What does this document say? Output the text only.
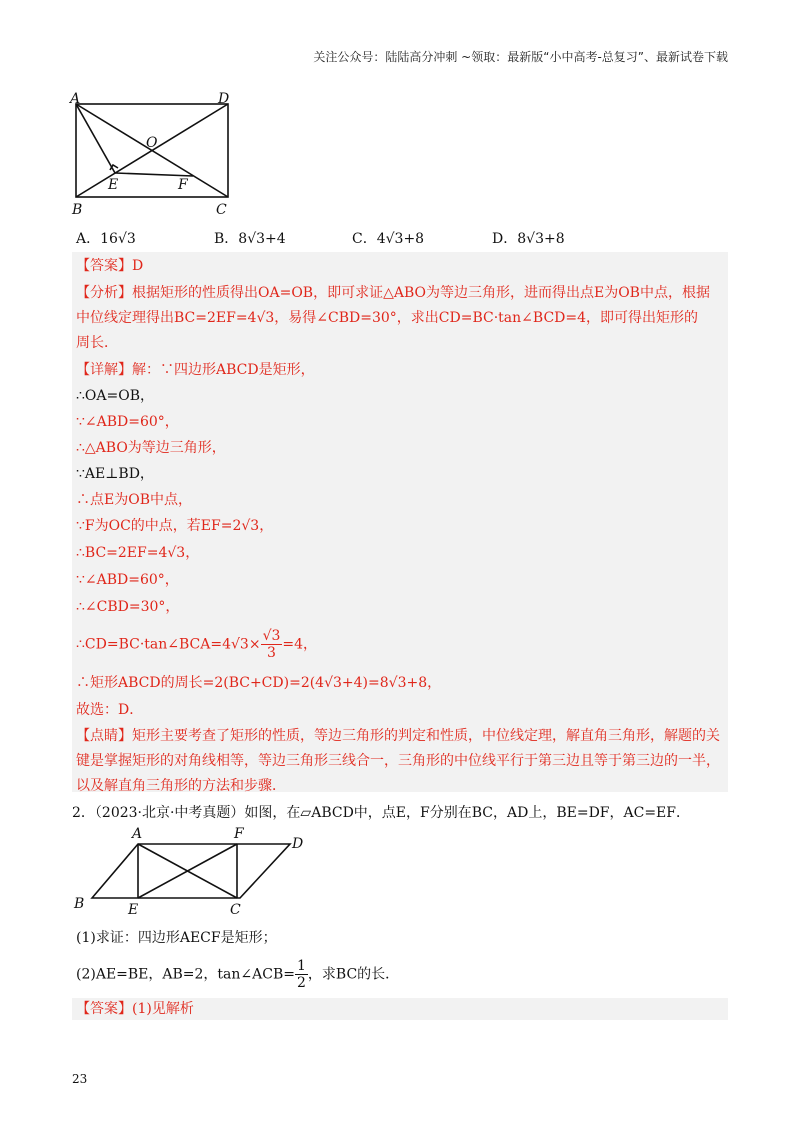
关注公众号：陆陆高分冲刺 ~领取：最新版“小中高考-总复习”、最新试卷下载
A	D
O
E	F
B	C
A．16√3	B．8√3+4	C．4√3+8	D．8√3+8
【答案】D
【分析】根据矩形的性质得出OA=OB，即可求证△ABO为等边三角形，进而得出点E为OB中点，根据
中位线定理得出BC=2EF=4√3，易得∠CBD=30°，求出CD=BC·tan∠BCD=4，即可得出矩形的
周长．
【详解】解：∵四边形ABCD是矩形，
∴OA=OB，
∵∠ABD=60°，
∴△ABO为等边三角形，
∵AE⊥BD，
∴点E为OB中点，
∵F为OC的中点，若EF=2√3，
∴BC=2EF=4√3，
∵∠ABD=60°，
∴∠CBD=30°，
∴CD=BC·tan∠BCA=4√3× $\frac{√3}{3} =4$，
∴矩形ABCD的周长=2(BC+CD)=2(4√3+4)=8√3+8，
故选：D．
【点睛】矩形主要考查了矩形的性质，等边三角形的判定和性质，中位线定理，解直角三角形，解题的关
键是掌握矩形的对角线相等，等边三角形三线合一，三角形的中位线平行于第三边且等于第三边的一半，
以及解直角三角形的方法和步骤．
2．（2023·北京·中考真题）如图，在▱ABCD中，点E，F分别在BC，AD上，BE=DF，AC=EF．
A	F
D
B	E	C
(1)求证：四边形AECF是矩形；
(2)AE=BE，AB=2，tan∠ACB= $\frac{1}{2}$ ，求BC的长．
【答案】(1)见解析
23
